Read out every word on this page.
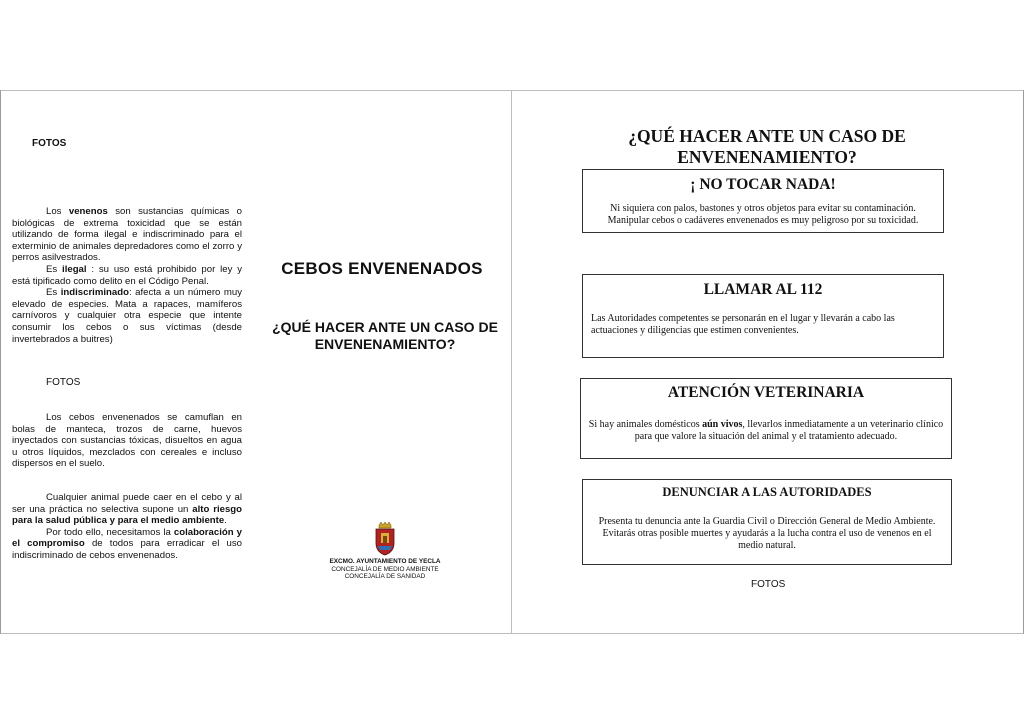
FOTOS

Los venenos son sustancias químicas o biológicas de extrema toxicidad que se están utilizando de forma ilegal e indiscriminado para el exterminio de animales depredadores como el zorro y perros asilvestrados.

Es ilegal : su uso está prohibido por ley y está tipificado como delito en el Código Penal.

Es indiscriminado: afecta a un número muy elevado de especies. Mata a rapaces, mamíferos carnívoros y cualquier otra especie que intente consumir los cebos o sus víctimas (desde invertebrados a buitres)

FOTOS

Los cebos envenenados se camuflan en bolas de manteca, trozos de carne, huevos inyectados con sustancias tóxicas, disueltos en agua u otros líquidos, mezclados con cereales e incluso dispersos en el suelo.

Cualquier animal puede caer en el cebo y al ser una práctica no selectiva supone un alto riesgo para la salud pública y para el medio ambiente.

Por todo ello, necesitamos la colaboración y el compromiso de todos para erradicar el uso indiscriminado de cebos envenenados.

CEBOS ENVENENADOS
¿QUÉ HACER ANTE UN CASO DE ENVENENAMIENTO?
EXCMO. AYUNTAMIENTO DE YECLA
CONCEJALÍA DE MEDIO AMBIENTE
CONCEJALÍA DE SANIDAD
¿QUÉ HACER ANTE UN CASO DE ENVENENAMIENTO?
¡ NO TOCAR NADA!
Ni siquiera con palos, bastones y otros objetos para evitar su contaminación. Manipular cebos o cadáveres envenenados es muy peligroso por su toxicidad.
LLAMAR AL 112
Las Autoridades competentes se personarán en el lugar y llevarán a cabo las actuaciones y diligencias que estimen convenientes.
ATENCIÓN VETERINARIA
Si hay animales domésticos aún vivos, llevarlos inmediatamente a un veterinario clínico para que valore la situación del animal y el tratamiento adecuado.
DENUNCIAR A LAS AUTORIDADES
Presenta tu denuncia ante la Guardia Civil o Dirección General de Medio Ambiente. Evitarás otras posible muertes y ayudarás a la lucha contra el uso de venenos en el medio natural.
FOTOS
